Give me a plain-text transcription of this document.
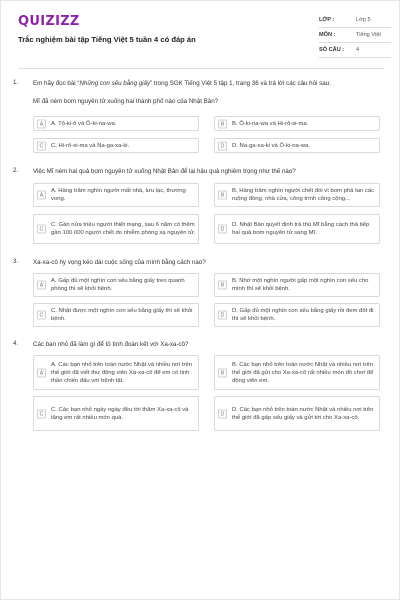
QUIZIZZ
Trắc nghiệm bài tập Tiếng Việt 5 tuần 4 có đáp án
LỚP :	Lớp 5
MÔN :	Tiếng Việt
SỐ CÂU : 4
1. Em hãy đọc bài “Những con sếu bằng giấy” trong SGK Tiếng Việt 5 tập 1, trang 36 và trả lời các câu hỏi sau:
Mĩ đã ném bom nguyên tử xuống hai thành phố nào của Nhật Bản?
A	A. Tô-ki-ô và Ô-ki-na-wa.	B	B. Ô-ki-na-wa và Hi-rô-si-ma.
C	C. Hi-rô-si-ma và Na-ga-xa-ki.	D	D. Na-ga-xa-ki và Ô-ki-na-wa.
2. Việc Mĩ ném hai quả bom nguyên tử xuống Nhật Bản để lại hậu quả nghiêm trọng như thế nào?
A
A. Hàng trăm nghìn người mất nhà, lưu lạc, thương vong.
B
B. Hàng trăm nghìn người chết đói vì bom phá tan các ruộng đồng, nhà cửa, công trình công cộng...
C
C. Gần nửa triệu người thiệt mạng, sau 6 năm có thêm gần 100 000 người chết do nhiễm phóng xạ nguyên tử.
D
D. Nhật Bản quyết định trả thù Mĩ bằng cách thả tiếp hai quả bom nguyên tử sang Mĩ.
3. Xa-xa-cô hy vọng kéo dài cuộc sống của mình bằng cách nào?
A
A. Gấp đủ một nghìn con sếu bằng giấy treo quanh phòng thì sẽ khỏi bệnh.
B
B. Nhờ một nghìn người gấp một nghìn con sếu cho mình thì sẽ khỏi bệnh.
C
C. Nhật được một nghìn con sếu bằng giấy thì sẽ khỏi bệnh.
D
D. Gấp đủ một nghìn con sếu bằng giấy rồi đem đốt đi thì sẽ khỏi bệnh.
4. Các bạn nhỏ đã làm gì để tỏ tình đoàn kết với Xa-xa-cô?
A
A. Các bạn nhỏ trên toàn nước Nhật và nhiều nơi trên thế giới đã viết thư động viên Xa-xa-cô để em có tinh thần chiến đấu với bệnh tật.
B
B. Các bạn nhỏ trên toàn nước Nhật và nhiều nơi trên thế giới đã gửi cho Xa-xa-cô rất nhiều món đồ chơi để động viên em.
C
C. Các bạn nhỏ ngày ngày đều tới thăm Xa-xa-cô và tặng em rất nhiều món quà.
D
D. Các bạn nhỏ trên toàn nước Nhật và nhiều nơi trên thế giới đã gấp sếu giấy và gửi tới cho Xa-xa-cô.
